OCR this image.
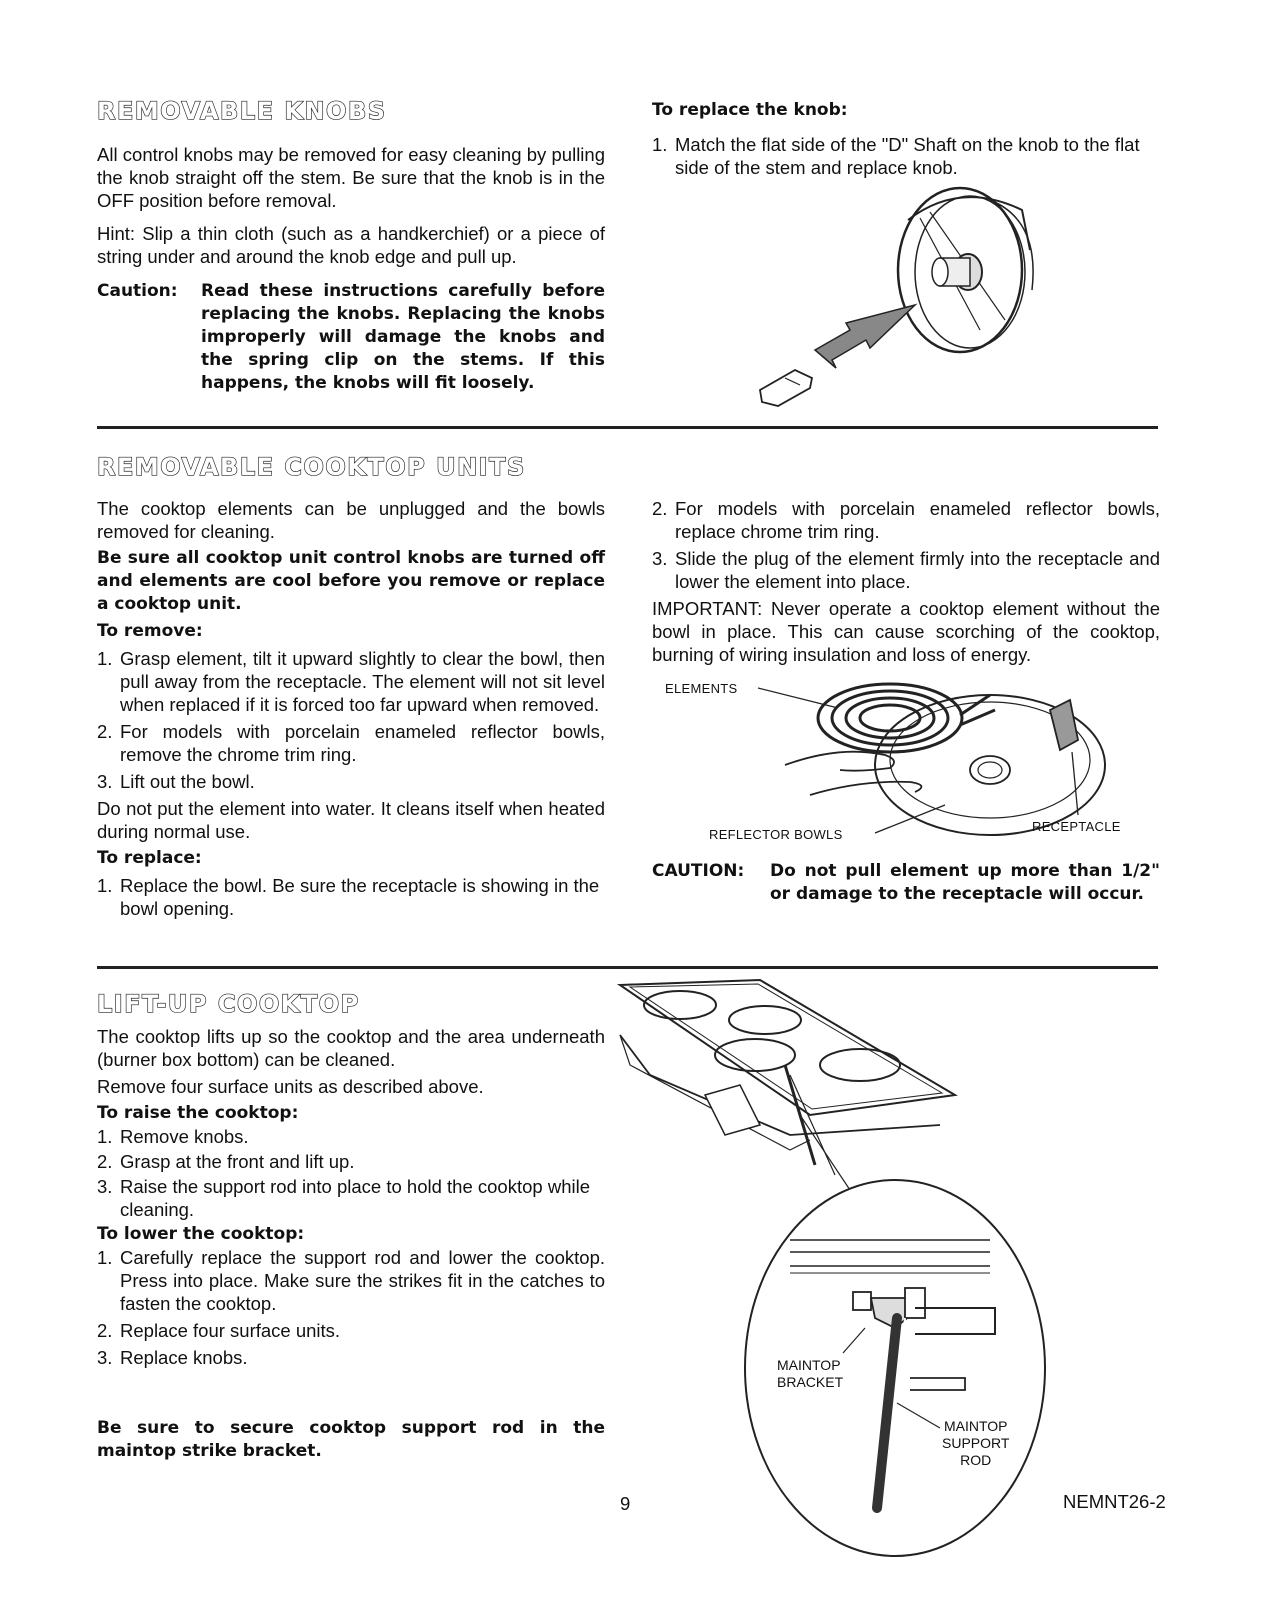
REMOVABLE KNOBS
All control knobs may be removed for easy cleaning by pulling the knob straight off the stem. Be sure that the knob is in the OFF position before removal.
Hint: Slip a thin cloth (such as a handkerchief) or a piece of string under and around the knob edge and pull up.
Caution: Read these instructions carefully before replacing the knobs. Replacing the knobs improperly will damage the knobs and the spring clip on the stems. If this happens, the knobs will fit loosely.
To replace the knob:
1. Match the flat side of the "D" Shaft on the knob to the flat side of the stem and replace knob.
REMOVABLE COOKTOP UNITS

The cooktop elements can be unplugged and the bowls removed for cleaning.

Be sure all cooktop unit control knobs are turned off and elements are cool before you remove or replace a cooktop unit.

To remove:

1. Grasp element, tilt it upward slightly to clear the bowl, then pull away from the receptacle. The element will not sit level when replaced if it is forced too far upward when removed.
2. For models with porcelain enameled reflector bowls, remove the chrome trim ring.
3. Lift out the bowl.

Do not put the element into water. It cleans itself when heated during normal use.

To replace:

1. Replace the bowl. Be sure the receptacle is showing in the bowl opening.
2. For models with porcelain enameled reflector bowls, replace chrome trim ring.
3. Slide the plug of the element firmly into the receptacle and lower the element into place.

IMPORTANT: Never operate a cooktop element without the bowl in place. This can cause scorching of the cooktop, burning of wiring insulation and loss of energy.

ELEMENTS
REFLECTOR BOWLS
RECEPTACLE
CAUTION: Do not pull element up more than 1/2" or damage to the receptacle will occur.
LIFT-UP COOKTOP

The cooktop lifts up so the cooktop and the area underneath (burner box bottom) can be cleaned.

Remove four surface units as described above.

To raise the cooktop:

1. Remove knobs.
2. Grasp at the front and lift up.
3. Raise the support rod into place to hold the cooktop while cleaning.

To lower the cooktop:

1. Carefully replace the support rod and lower the cooktop. Press into place. Make sure the strikes fit in the catches to fasten the cooktop.
2. Replace four surface units.
3. Replace knobs.
Be sure to secure cooktop support rod in the maintop strike bracket.
MAINTOP
BRACKET
MAINTOP
SUPPORT
ROD
9	NEMNT26-2
